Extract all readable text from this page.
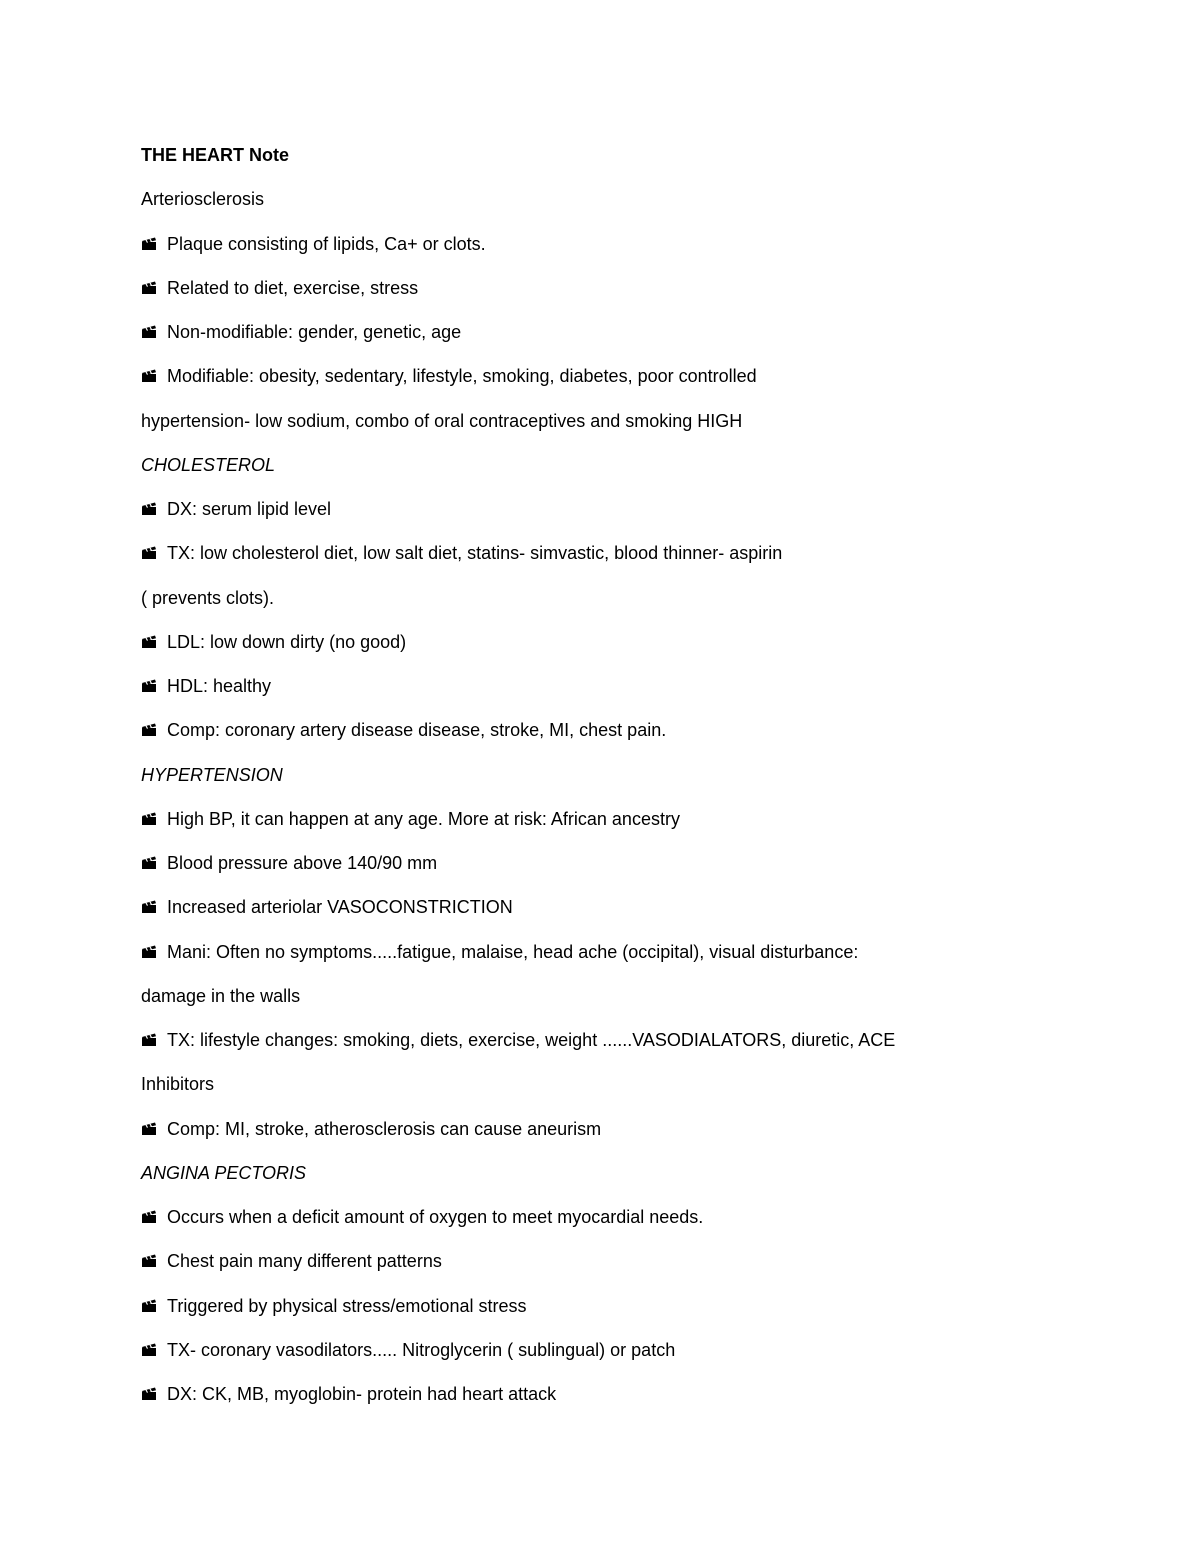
THE HEART Note
Arteriosclerosis
Plaque consisting of lipids, Ca+ or clots.
Related to diet, exercise, stress
Non-modifiable: gender, genetic, age
Modifiable: obesity, sedentary, lifestyle, smoking, diabetes, poor controlled
hypertension- low sodium, combo of oral contraceptives and smoking HIGH
CHOLESTEROL
DX: serum lipid level
TX: low cholesterol diet, low salt diet, statins- simvastic, blood thinner- aspirin
( prevents clots).
LDL: low down dirty (no good)
HDL: healthy
Comp: coronary artery disease disease, stroke, MI, chest pain.
HYPERTENSION
High BP, it can happen at any age. More at risk: African ancestry
Blood pressure above 140/90 mm
Increased arteriolar VASOCONSTRICTION
Mani: Often no symptoms.....fatigue, malaise, head ache (occipital), visual disturbance:
damage in the walls
TX: lifestyle changes: smoking, diets, exercise, weight ......VASODIALATORS, diuretic, ACE
Inhibitors
Comp: MI, stroke, atherosclerosis can cause aneurism
ANGINA PECTORIS
Occurs when a deficit amount of oxygen to meet myocardial needs.
Chest pain many different patterns
Triggered by physical stress/emotional stress
TX- coronary vasodilators..... Nitroglycerin ( sublingual) or patch
DX: CK, MB, myoglobin- protein had heart attack
